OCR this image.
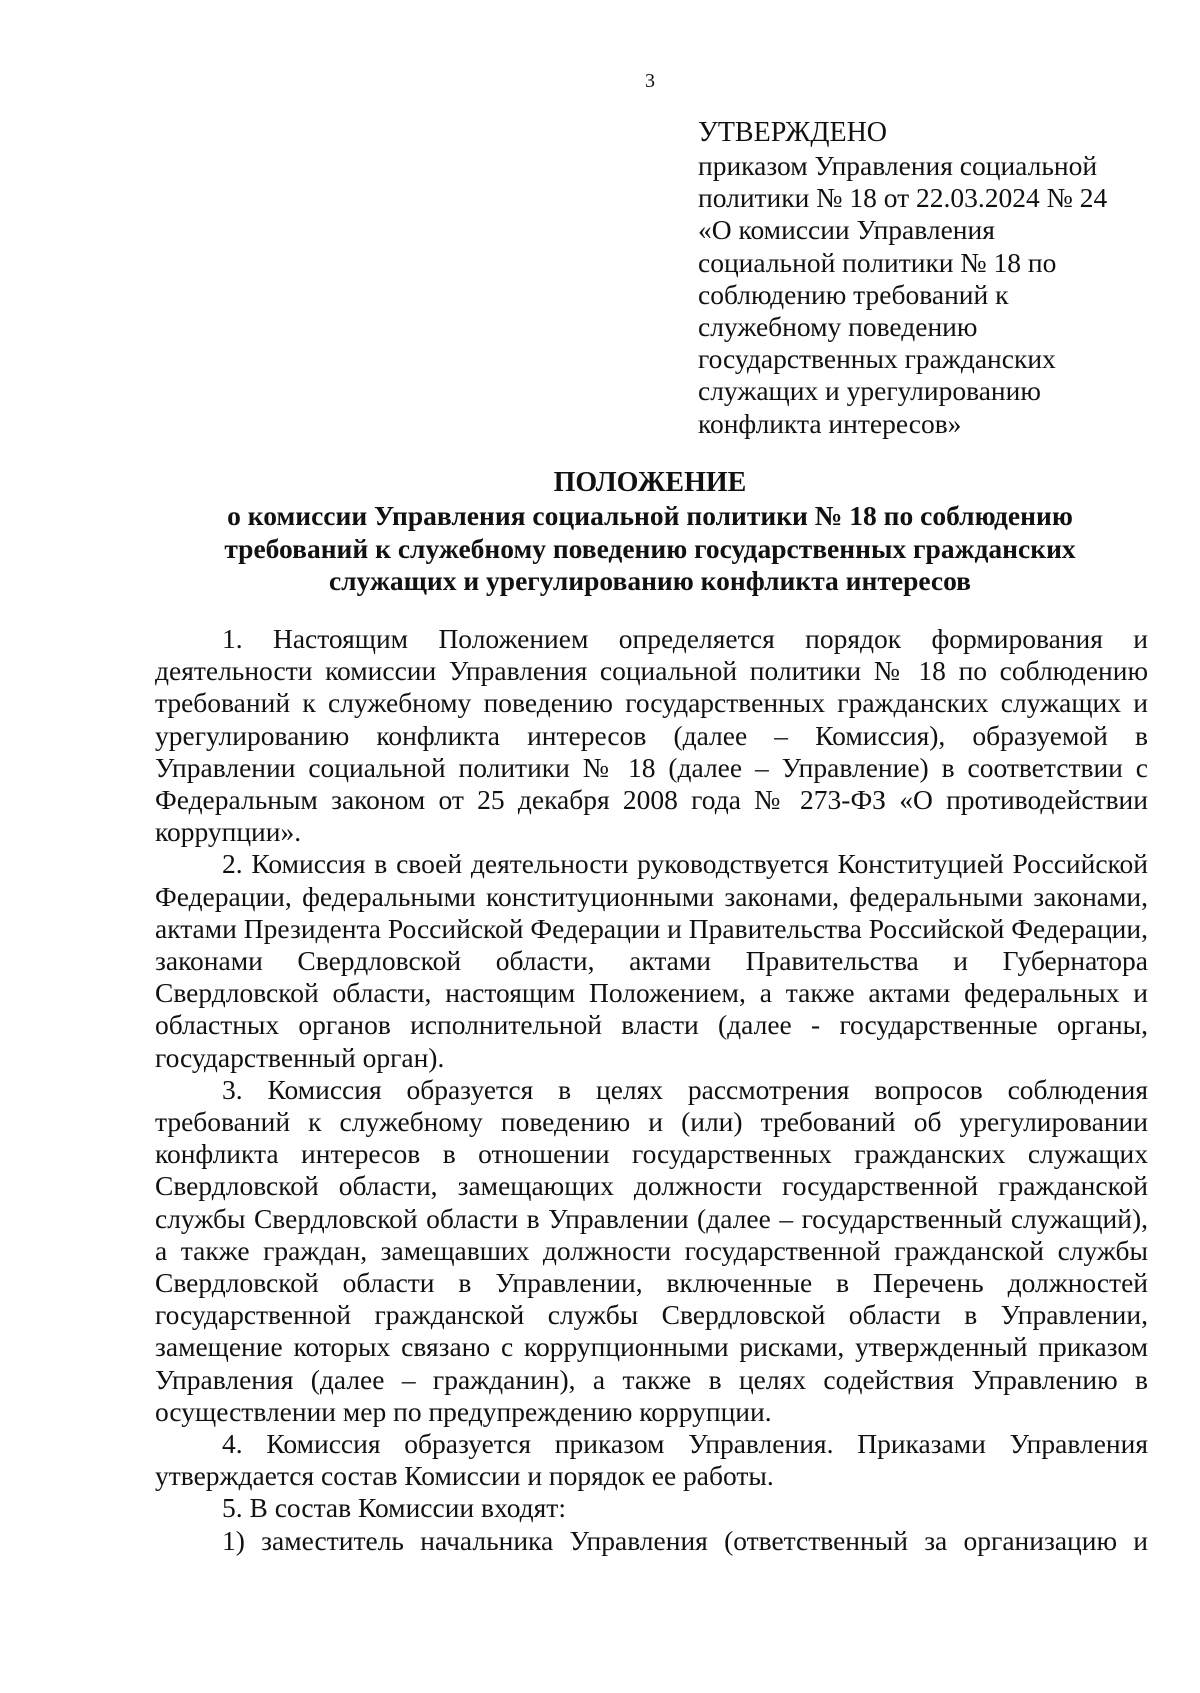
3
УТВЕРЖДЕНО
приказом Управления социальной
политики № 18 от 22.03.2024 № 24
«О комиссии Управления
социальной политики № 18 по
соблюдению требований к
служебному поведению
государственных гражданских
служащих и урегулированию
конфликта интересов»
ПОЛОЖЕНИЕ
о комиссии Управления социальной политики № 18 по соблюдению
требований к служебному поведению государственных гражданских
служащих и урегулированию конфликта интересов

1. Настоящим Положением определяется порядок формирования и деятельности комиссии Управления социальной политики № 18 по соблюдению требований к служебному поведению государственных гражданских служащих и урегулированию конфликта интересов (далее – Комиссия), образуемой в Управлении социальной политики № 18 (далее – Управление) в соответствии с Федеральным законом от 25 декабря 2008 года № 273-ФЗ «О противодействии коррупции».

2. Комиссия в своей деятельности руководствуется Конституцией Российской Федерации, федеральными конституционными законами, федеральными законами, актами Президента Российской Федерации и Правительства Российской Федерации, законами Свердловской области, актами Правительства и Губернатора Свердловской области, настоящим Положением, а также актами федеральных и областных органов исполнительной власти (далее - государственные органы, государственный орган).

3. Комиссия образуется в целях рассмотрения вопросов соблюдения требований к служебному поведению и (или) требований об урегулировании конфликта интересов в отношении государственных гражданских служащих Свердловской области, замещающих должности государственной гражданской службы Свердловской области в Управлении (далее – государственный служащий), а также граждан, замещавших должности государственной гражданской службы Свердловской области в Управлении, включенные в Перечень должностей государственной гражданской службы Свердловской области в Управлении, замещение которых связано с коррупционными рисками, утвержденный приказом Управления (далее – гражданин), а также в целях содействия Управлению в осуществлении мер по предупреждению коррупции.

4. Комиссия образуется приказом Управления. Приказами Управления утверждается состав Комиссии и порядок ее работы.

5. В состав Комиссии входят:

1) заместитель начальника Управления (ответственный за организацию и
